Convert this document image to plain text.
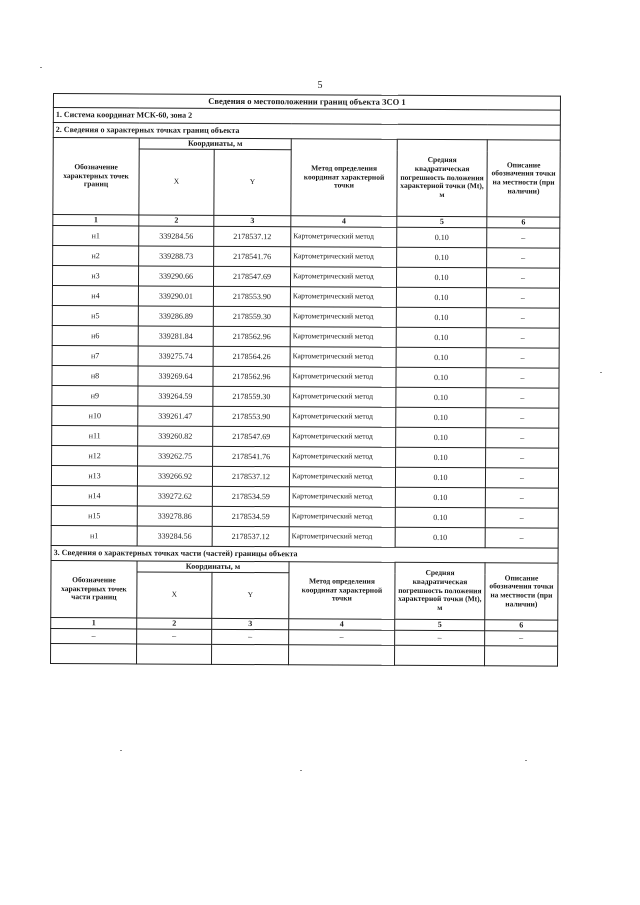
5
Сведения о местоположении границ объекта ЗСО 1					
1. Система координат МСК-60, зона 2					
2. Сведения о характерных точках границ объекта					
Обозначение характерных точек границ	Координаты, м		Метод определения координат характерной точки	Средняя квадратическая погрешность положения характерной точки (Mt), м	Описание обозначения точки на местности (при наличии)
	X	Y			
1	2	3	4	5	6
н1	339284.56	2178537.12	Картометрический метод	0.10	–
н2	339288.73	2178541.76	Картометрический метод	0.10	–
н3	339290.66	2178547.69	Картометрический метод	0.10	–
н4	339290.01	2178553.90	Картометрический метод	0.10	–
н5	339286.89	2178559.30	Картометрический метод	0.10	–
н6	339281.84	2178562.96	Картометрический метод	0.10	–
н7	339275.74	2178564.26	Картометрический метод	0.10	–
н8	339269.64	2178562.96	Картометрический метод	0.10	–
н9	339264.59	2178559.30	Картометрический метод	0.10	–
н10	339261.47	2178553.90	Картометрический метод	0.10	–
н11	339260.82	2178547.69	Картометрический метод	0.10	–
н12	339262.75	2178541.76	Картометрический метод	0.10	–
н13	339266.92	2178537.12	Картометрический метод	0.10	–
н14	339272.62	2178534.59	Картометрический метод	0.10	–
н15	339278.86	2178534.59	Картометрический метод	0.10	–
н1	339284.56	2178537.12	Картометрический метод	0.10	–
3. Сведения о характерных точках части (частей) границы объекта					
Обозначение характерных точек части границ	Координаты, м		Метод определения координат характерной точки	Средняя квадратическая погрешность положения характерной точки (Mt), м	Описание обозначения точки на местности (при наличии)
	X	Y			
1	2	3	4	5	6
–	–	–	–	–	–
